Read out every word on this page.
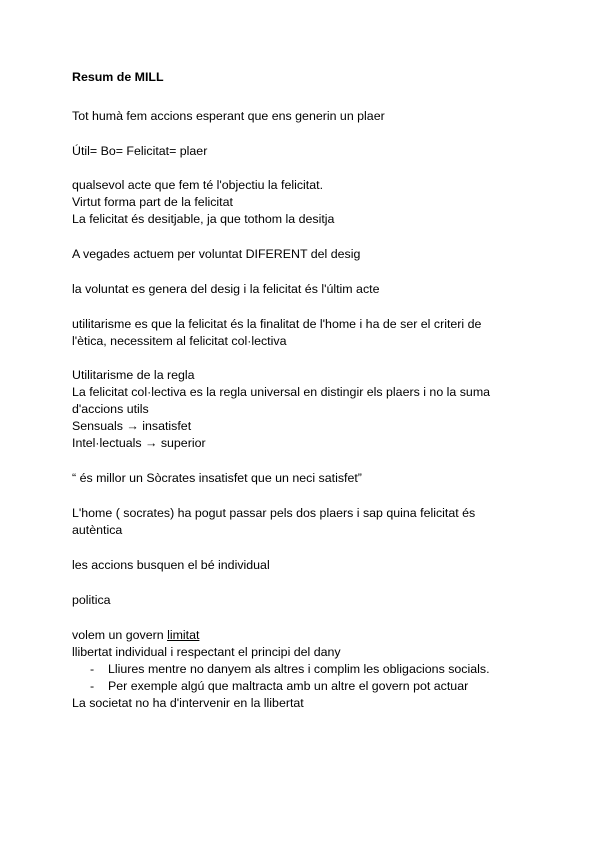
Resum de MILL
Tot humà fem accions esperant que ens generin un plaer
Útil= Bo= Felicitat= plaer
qualsevol acte que fem té l'objectiu la felicitat.
Virtut forma part de la felicitat
La felicitat és desitjable, ja que tothom la desitja
A vegades actuem per voluntat DIFERENT del desig
la voluntat es genera del desig i la felicitat és l'últim acte
utilitarisme es que la felicitat és la finalitat de l'home i ha de ser el criteri de
l'ètica, necessitem al felicitat col·lectiva
Utilitarisme de la regla
La felicitat col·lectiva es la regla universal en distingir els plaers i no la suma
d'accions utils
Sensuals → insatisfet
Intel·lectuals → superior
“ és millor un Sòcrates insatisfet que un neci satisfet”
L'home ( socrates) ha pogut passar pels dos plaers i sap quina felicitat és
autèntica
les accions busquen el bé individual
politica
volem un govern limitat
llibertat individual i respectant el principi del dany
- Lliures mentre no danyem als altres i complim les obligacions socials.
- Per exemple algú que maltracta amb un altre el govern pot actuar
La societat no ha d'intervenir en la llibertat
